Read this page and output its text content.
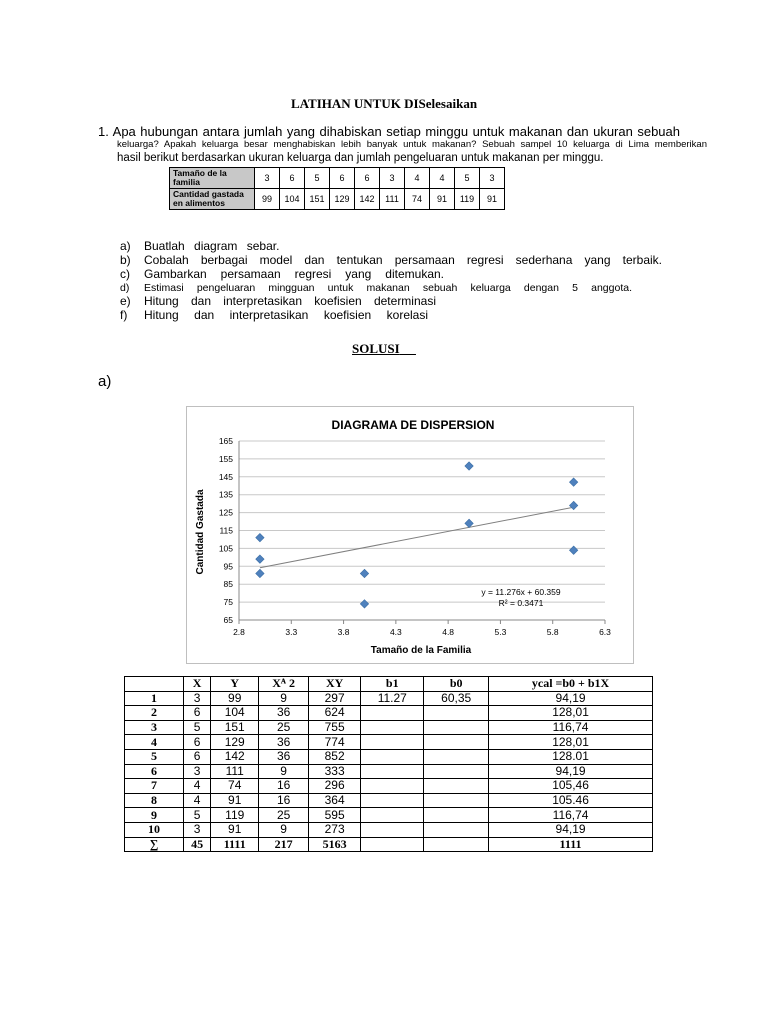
LATIHAN UNTUK DISelesaikan
1. Apa hubungan antara jumlah yang dihabiskan setiap minggu untuk makanan dan ukuran sebuah
keluarga? Apakah keluarga besar menghabiskan lebih banyak untuk makanan? Sebuah sampel 10 keluarga di Lima memberikan
hasil berikut berdasarkan ukuran keluarga dan jumlah pengeluaran untuk makanan per minggu.
Tamaño de la familia	3	6	5	6	6	3	4	4	5	3
Cantidad gastada en alimentos	99	104	151	129	142	111	74	91	119	91
a) Buatlah diagram sebar.
b) Cobalah berbagai model dan tentukan persamaan regresi sederhana yang terbaik.
c) Gambarkan persamaan regresi yang ditemukan.
d) Estimasi pengeluaran mingguan untuk makanan sebuah keluarga dengan 5 anggota.
e) Hitung dan interpretasikan koefisien determinasi
f) Hitung dan interpretasikan koefisien korelasi
SOLUSI
a)
DIAGRAMA DE DISPERSION
Cantidad Gastada
Tamaño de la Familia
65
75
85
95
105
115
125
135
145
155
165
2.8	3.3	3.8	4.3	4.8	5.3	5.8	6.3
y = 11.276x + 60.359
R² = 0.3471
	X	Y	Xᴬ 2	XY	b1	b0	ycal =b0 + b1X
1	3	99	9	297	11.27	60,35	94,19
2	6	104	36	624			128,01
3	5	151	25	755			116,74
4	6	129	36	774			128,01
5	6	142	36	852			128.01
6	3	111	9	333			94,19
7	4	74	16	296			105,46
8	4	91	16	364			105.46
9	5	119	25	595			116,74
10	3	91	9	273			94,19
∑	45	1111	217	5163			1111
